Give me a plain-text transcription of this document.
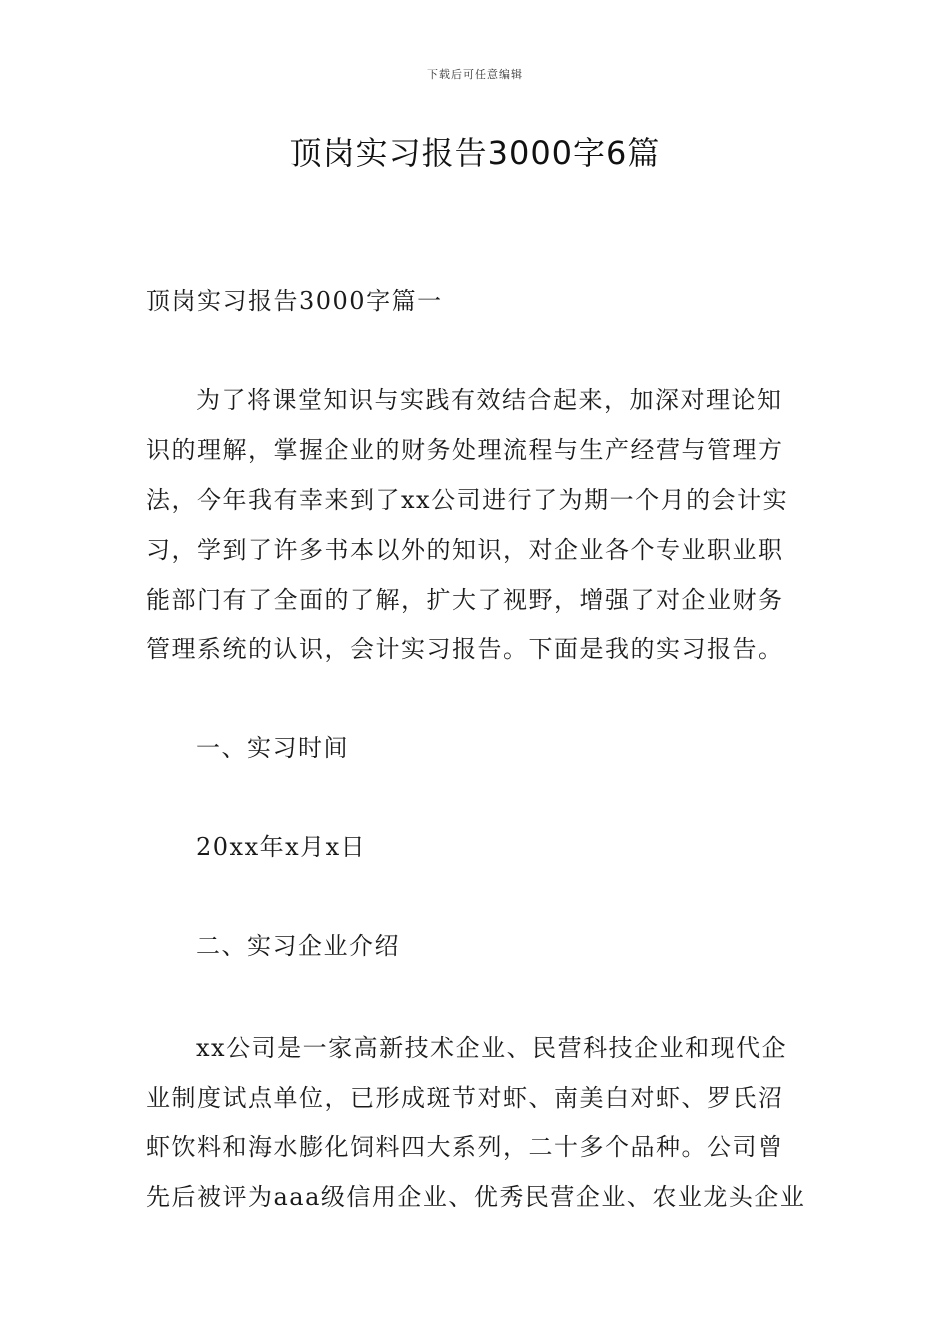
下载后可任意编辑
顶岗实习报告3000字6篇
顶岗实习报告3000字篇一
为了将课堂知识与实践有效结合起来，加深对理论知
识的理解，掌握企业的财务处理流程与生产经营与管理方
法，今年我有幸来到了xx公司进行了为期一个月的会计实
习，学到了许多书本以外的知识，对企业各个专业职业职
能部门有了全面的了解，扩大了视野，增强了对企业财务
管理系统的认识，会计实习报告。下面是我的实习报告。
一、实习时间
20xx年x月x日
二、实习企业介绍
xx公司是一家高新技术企业、民营科技企业和现代企
业制度试点单位，已形成斑节对虾、南美白对虾、罗氏沼
虾饮料和海水膨化饲料四大系列，二十多个品种。公司曾
先后被评为aaa级信用企业、优秀民营企业、农业龙头企业
